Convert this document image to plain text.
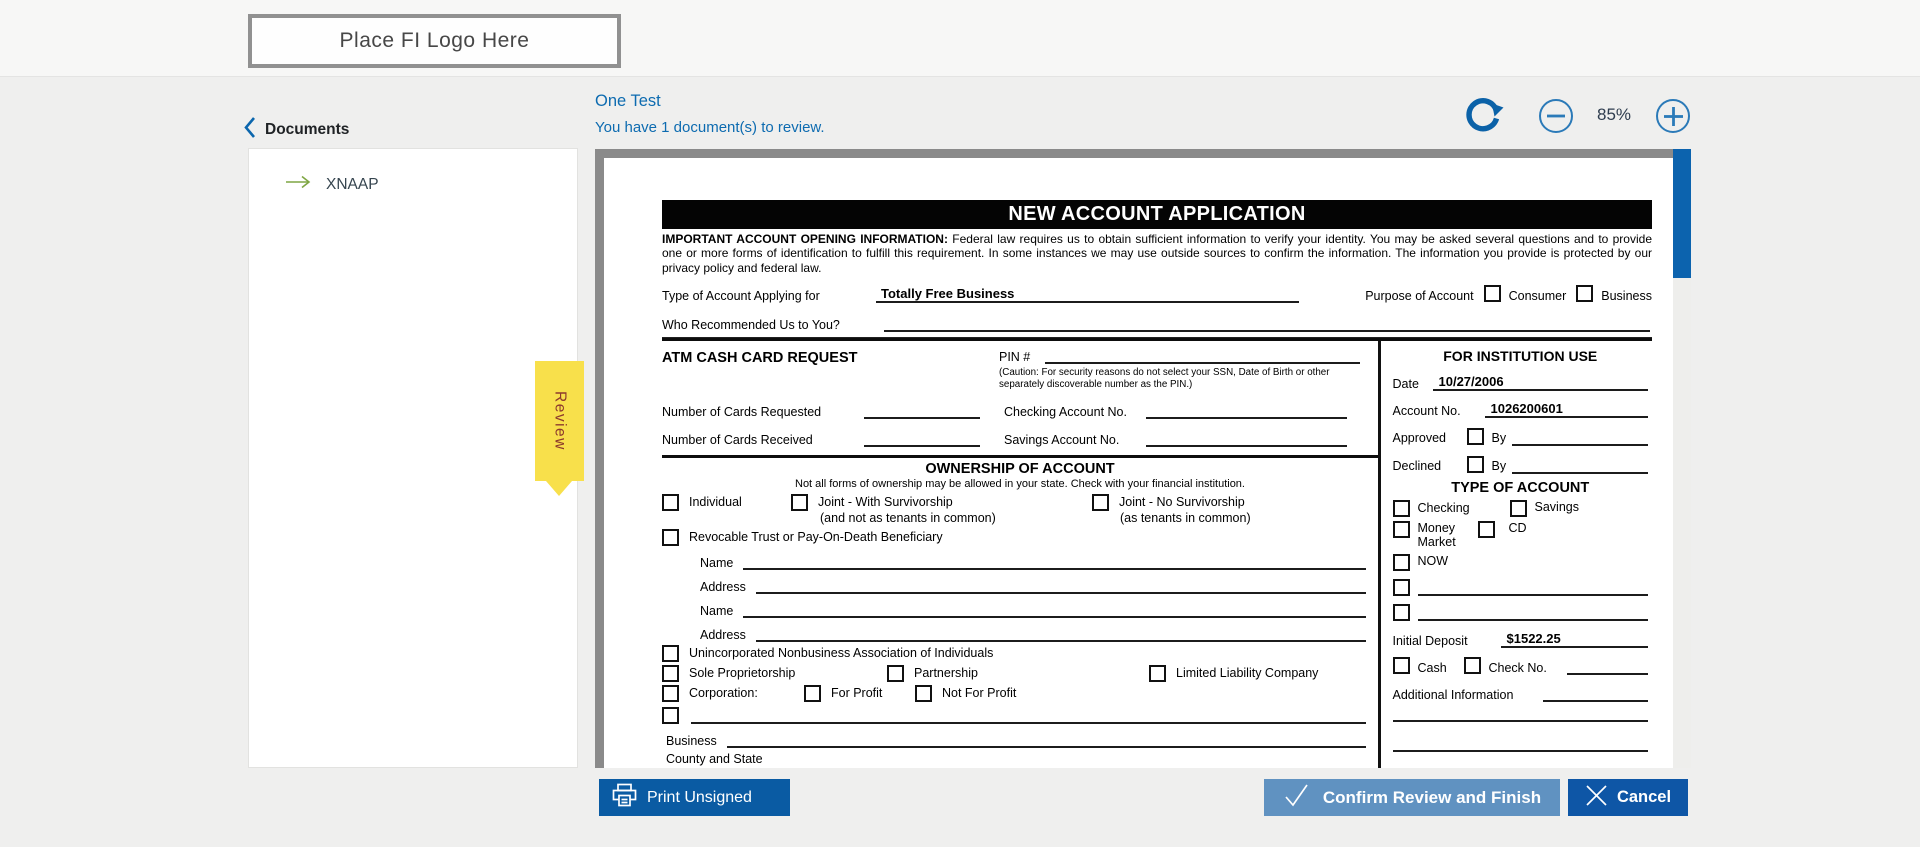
Place FI Logo Here
Documents
XNAAP
One Test
You have 1 document(s) to review.
85%
Review
NEW ACCOUNT APPLICATION
IMPORTANT ACCOUNT OPENING INFORMATION: Federal law requires us to obtain sufficient information to verify your identity. You may be asked several questions and to provide one or more forms of identification to fulfill this requirement. In some instances we may use outside sources to confirm the information. The information you provide is protected by our privacy policy and federal law.
Type of Account Applying for	Totally Free Business	Purpose of Account	Consumer	Business
Who Recommended Us to You?
ATM CASH CARD REQUEST	PIN #
(Caution: For security reasons do not select your SSN, Date of Birth or other separately discoverable number as the PIN.)
Number of Cards Requested	Checking Account No.
Number of Cards Received	Savings Account No.
OWNERSHIP OF ACCOUNT
Not all forms of ownership may be allowed in your state. Check with your financial institution.
Individual	Joint - With Survivorship	Joint - No Survivorship
(and not as tenants in common)	(as tenants in common)
Revocable Trust or Pay-On-Death Beneficiary
Name
Address
Name
Address
Unincorporated Nonbusiness Association of Individuals
Sole Proprietorship	Partnership	Limited Liability Company
Corporation:	For Profit	Not For Profit
Business
County and State
FOR INSTITUTION USE
Date	10/27/2006
Account No.	1026200601
Approved	By
Declined	By
TYPE OF ACCOUNT
Checking	Savings
Money Market
CD
NOW
Initial Deposit	$1522.25
Cash	Check No.
Additional Information
Print Unsigned	Confirm Review and Finish	Cancel
